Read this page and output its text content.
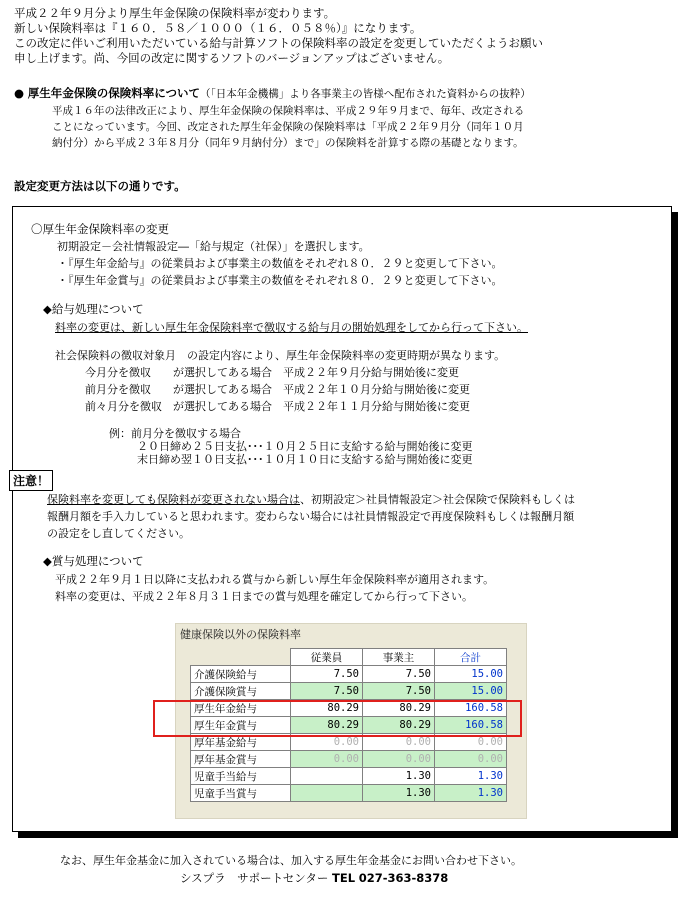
平成２２年９月分より厚生年金保険の保険料率が変わります。
新しい保険料率は『１６０．５８／１０００（１６．０５８％）』になります。
この改定に伴いご利用いただいている給与計算ソフトの保険料率の設定を変更していただくようお願い
申し上げます。尚、今回の改定に関するソフトのバージョンアップはございません。
● 厚生年金保険の保険料率について（「日本年金機構」より各事業主の皆様へ配布された資料からの抜粋）
平成１６年の法律改正により、厚生年金保険の保険料率は、平成２９年９月まで、毎年、改定される
ことになっています。今回、改定された厚生年金保険の保険料率は「平成２２年９月分（同年１０月
納付分）から平成２３年８月分（同年９月納付分）まで」の保険料を計算する際の基礎となります。
設定変更方法は以下の通りです。
〇厚生年金保険料率の変更
初期設定－会社情報設定―「給与規定（社保）」を選択します。
・『厚生年金給与』の従業員および事業主の数値をそれぞれ８０．２９と変更して下さい。
・『厚生年金賞与』の従業員および事業主の数値をそれぞれ８０．２９と変更して下さい。
◆給与処理について
料率の変更は、新しい厚生年金保険料率で徴収する給与月の開始処理をしてから行って下さい。
社会保険料の徴収対象月　の設定内容により、厚生年金保険料率の変更時期が異なります。
今月分を徴収　　が選択してある場合　平成２２年９月分給与開始後に変更
前月分を徴収　　が選択してある場合　平成２２年１０月分給与開始後に変更
前々月分を徴収　が選択してある場合　平成２２年１１月分給与開始後に変更
例：前月分を徴収する場合
２０日締め２５日支払･･･１０月２５日に支給する給与開始後に変更
末日締め翌１０日支払･･･１０月１０日に支給する給与開始後に変更
注意！
保険料率を変更しても保険料が変更されない場合は、初期設定＞社員情報設定＞社会保険で保険料もしくは
報酬月額を手入力していると思われます。変わらない場合には社員情報設定で再度保険料もしくは報酬月額
の設定をし直してください。
◆賞与処理について
平成２２年９月１日以降に支払われる賞与から新しい厚生年金保険料率が適用されます。
料率の変更は、平成２２年８月３１日までの賞与処理を確定してから行って下さい。
健康保険以外の保険料率
	従業員	事業主	合計
介護保険給与	7.50	7.50	15.00
介護保険賞与	7.50	7.50	15.00
厚生年金給与	80.29	80.29	160.58
厚生年金賞与	80.29	80.29	160.58
厚年基金給与	0.00	0.00	0.00
厚年基金賞与	0.00	0.00	0.00
児童手当給与		1.30	1.30
児童手当賞与		1.30	1.30
なお、厚生年金基金に加入されている場合は、加入する厚生年金基金にお問い合わせ下さい。
シスプラ　サポートセンター TEL 027-363-8378
